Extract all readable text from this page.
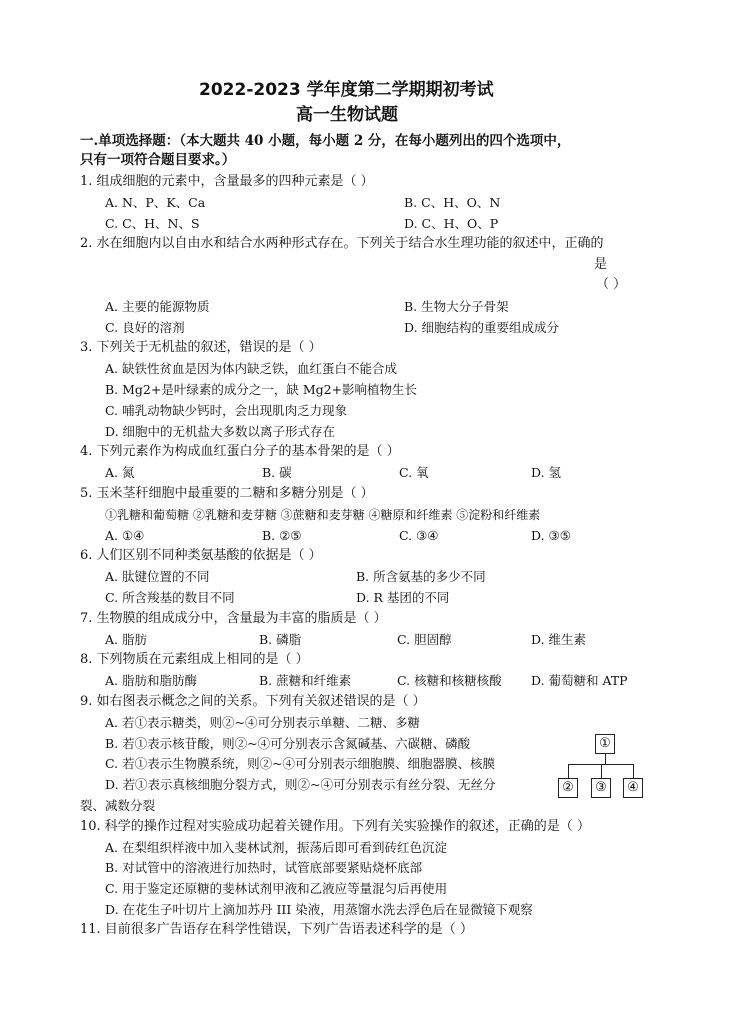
2022-2023 学年度第二学期期初考试
高一生物试题
一.单项选择题：（本大题共 40 小题，每小题 2 分，在每小题列出的四个选项中，
只有一项符合题目要求。）
1. 组成细胞的元素中，含量最多的四种元素是（ ）
A. N、P、K、Ca	B. C、H、O、N
C. C、H、N、S	D. C、H、O、P
2. 水在细胞内以自由水和结合水两种形式存在。下列关于结合水生理功能的叙述中，正确的
是
（ ）
A. 主要的能源物质	B. 生物大分子骨架
C. 良好的溶剂	D. 细胞结构的重要组成成分
3. 下列关于无机盐的叙述，错误的是（ ）
A. 缺铁性贫血是因为体内缺乏铁，血红蛋白不能合成
B. Mg2+是叶绿素的成分之一，缺 Mg2+影响植物生长
C. 哺乳动物缺少钙时，会出现肌肉乏力现象
D. 细胞中的无机盐大多数以离子形式存在
4. 下列元素作为构成血红蛋白分子的基本骨架的是（ ）
A. 氮	B. 碳	C. 氧	D. 氢
5. 玉米茎秆细胞中最重要的二糖和多糖分别是（ ）
①乳糖和葡萄糖 ②乳糖和麦芽糖 ③蔗糖和麦芽糖 ④糖原和纤维素 ⑤淀粉和纤维素
A. ①④	B. ②⑤	C. ③④	D. ③⑤
6. 人们区别不同种类氨基酸的依据是（ ）
A. 肽键位置的不同	B. 所含氨基的多少不同
C. 所含羧基的数目不同	D. R 基团的不同
7. 生物膜的组成成分中，含量最为丰富的脂质是（ ）
A. 脂肪	B. 磷脂	C. 胆固醇	D. 维生素
8. 下列物质在元素组成上相同的是（ ）
A. 脂肪和脂肪酶	B. 蔗糖和纤维素	C. 核糖和核糖核酸 D. 葡萄糖和 ATP
9. 如右图表示概念之间的关系。下列有关叙述错误的是（ ）
A. 若①表示糖类，则②~④可分别表示单糖、二糖、多糖
B. 若①表示核苷酸，则②~④可分别表示含氮碱基、六碳糖、磷酸
C. 若①表示生物膜系统，则②~④可分别表示细胞膜、细胞器膜、核膜
D. 若①表示真核细胞分裂方式，则②~④可分别表示有丝分裂、无丝分
裂、减数分裂
①
②	③	④
10. 科学的操作过程对实验成功起着关键作用。下列有关实验操作的叙述，正确的是（ ）
A. 在梨组织样液中加入斐林试剂，振荡后即可看到砖红色沉淀
B. 对试管中的溶液进行加热时，试管底部要紧贴烧杯底部
C. 用于鉴定还原糖的斐林试剂甲液和乙液应等量混匀后再使用
D. 在花生子叶切片上滴加苏丹 III 染液，用蒸馏水洗去浮色后在显微镜下观察
11. 目前很多广告语存在科学性错误，下列广告语表述科学的是（ ）
